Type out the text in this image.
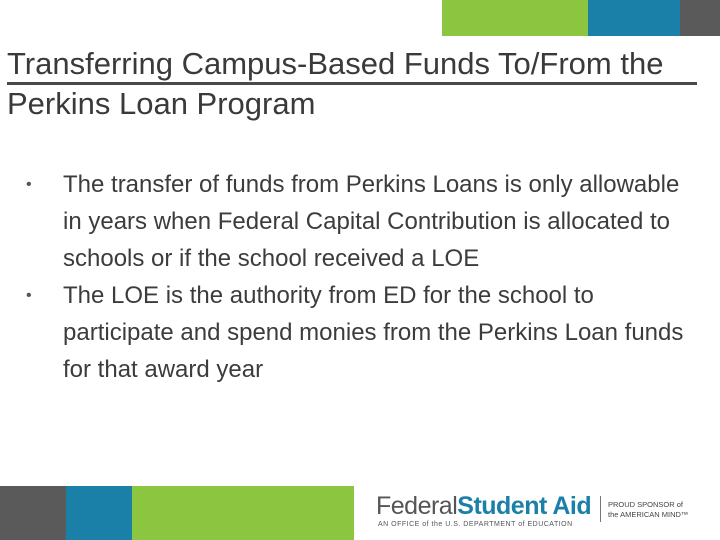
Transferring Campus-Based Funds To/From the Perkins Loan Program
• The transfer of funds from Perkins Loans is only allowable in years when Federal Capital Contribution is allocated to schools or if the school received a LOE
• The LOE is the authority from ED for the school to participate and spend monies from the Perkins Loan funds for that award year
FederalStudent Aid
AN OFFICE of the U.S. DEPARTMENT of EDUCATION
PROUD SPONSOR of
the AMERICAN MIND™
